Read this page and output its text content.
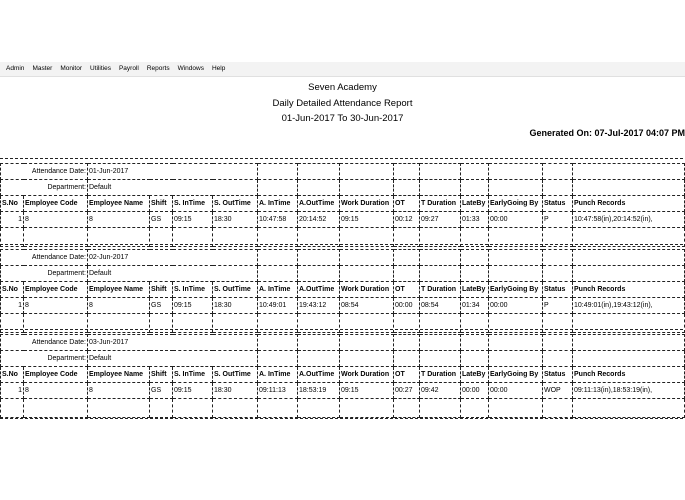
Admin Master Monitor Utilities Payroll Reports Windows Help
Seven Academy
Daily Detailed Attendance Report
01-Jun-2017 To 30-Jun-2017
Generated On: 07-Jul-2017 04:07 PM
Attendance Date:		01-Jun-2017												
Department:		Default												
S.No	Employee Code	Employee Name	Shift	S. InTime	S. OutTime	A. InTime	A.OutTime	Work Duration	OT	T Duration	LateBy	EarlyGoing By	Status	Punch Records
1	8	8	GS	09:15	18:30	10:47:58	20:14:52	09:15	00:12	09:27	01:33	00:00	P	10:47:58(in),20:14:52(in),

Attendance Date:		02-Jun-2017												
Department:		Default												
S.No	Employee Code	Employee Name	Shift	S. InTime	S. OutTime	A. InTime	A.OutTime	Work Duration	OT	T Duration	LateBy	EarlyGoing By	Status	Punch Records
1	8	8	GS	09:15	18:30	10:49:01	19:43:12	08:54	00:00	08:54	01:34	00:00	P	10:49:01(in),19:43:12(in),

Attendance Date:		03-Jun-2017												
Department:		Default												
S.No	Employee Code	Employee Name	Shift	S. InTime	S. OutTime	A. InTime	A.OutTime	Work Duration	OT	T Duration	LateBy	EarlyGoing By	Status	Punch Records
1	8	8	GS	09:15	18:30	09:11:13	18:53:19	09:15	00:27	09:42	00:00	00:00	WOP	09:11:13(in),18:53:19(in),
